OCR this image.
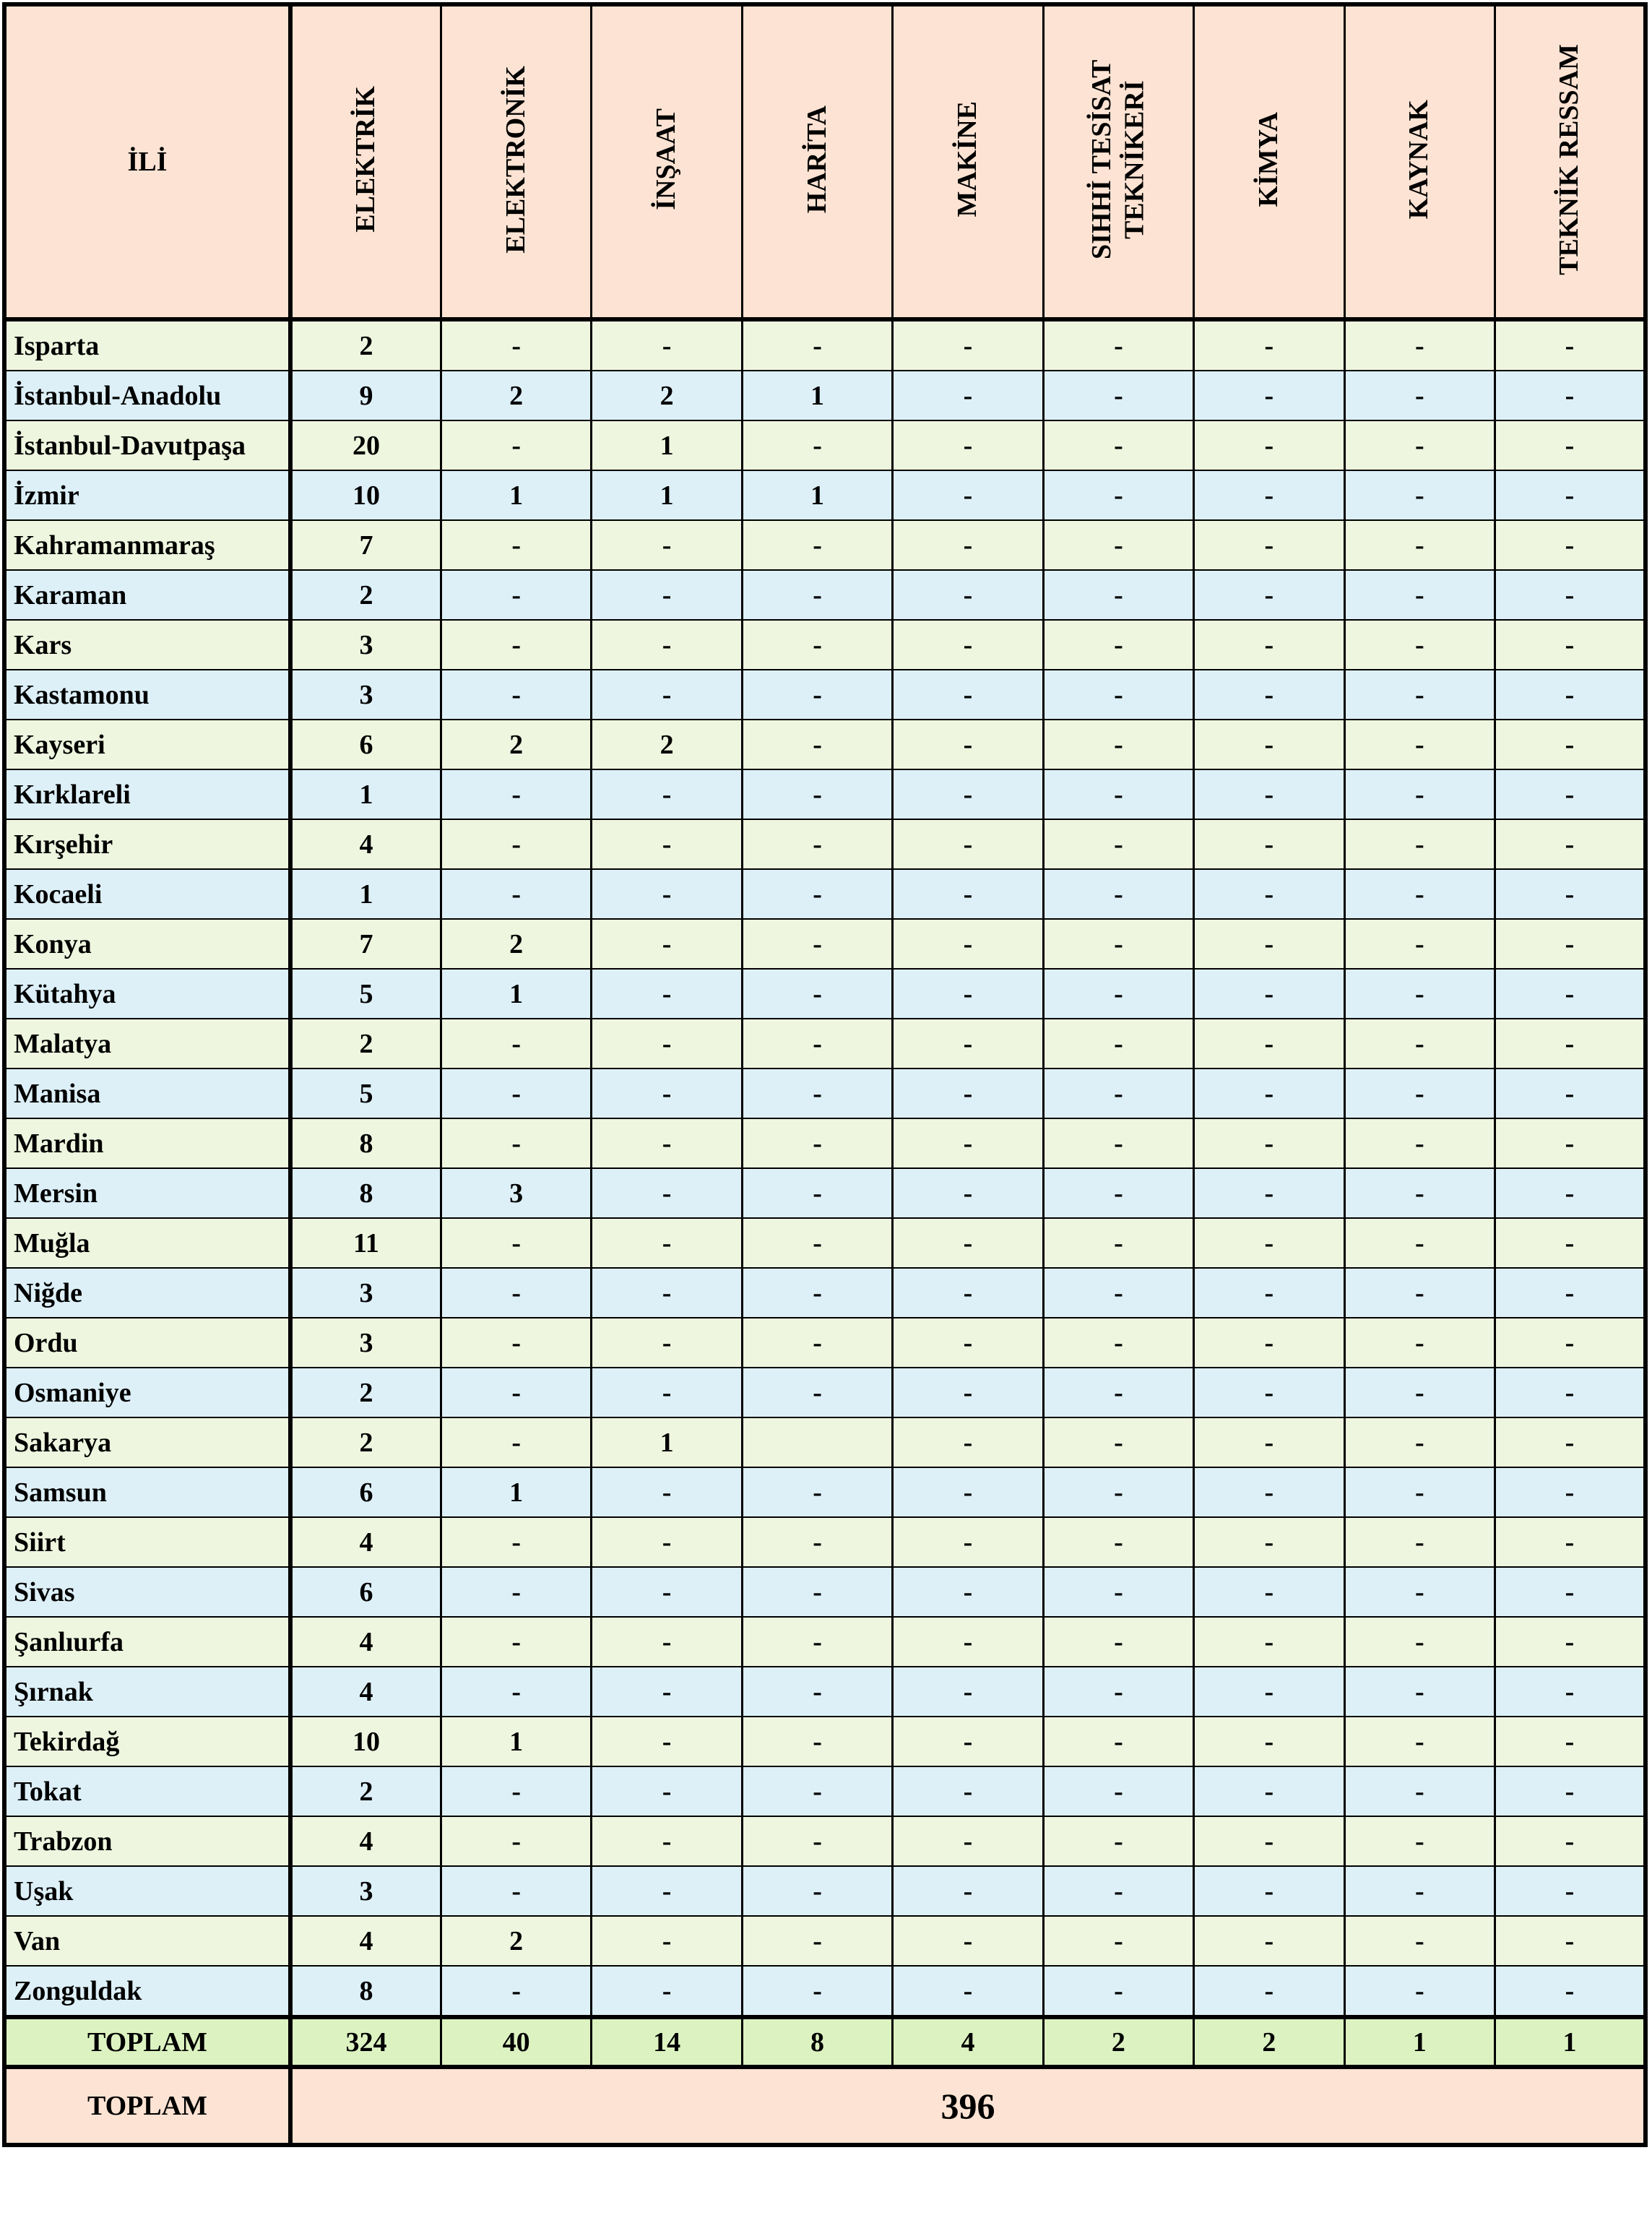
İLİ	ELEKTRİK	ELEKTRONİK	İNŞAAT	HARİTA	MAKİNE	SIHHİ TESİSAT TEKNİKERİ	KİMYA	KAYNAK	TEKNİK RESSAM
Isparta	2	-	-	-	-	-	-	-	-
İstanbul-Anadolu	9	2	2	1	-	-	-	-	-
İstanbul-Davutpaşa	20	-	1	-	-	-	-	-	-
İzmir	10	1	1	1	-	-	-	-	-
Kahramanmaraş	7	-	-	-	-	-	-	-	-
Karaman	2	-	-	-	-	-	-	-	-
Kars	3	-	-	-	-	-	-	-	-
Kastamonu	3	-	-	-	-	-	-	-	-
Kayseri	6	2	2	-	-	-	-	-	-
Kırklareli	1	-	-	-	-	-	-	-	-
Kırşehir	4	-	-	-	-	-	-	-	-
Kocaeli	1	-	-	-	-	-	-	-	-
Konya	7	2	-	-	-	-	-	-	-
Kütahya	5	1	-	-	-	-	-	-	-
Malatya	2	-	-	-	-	-	-	-	-
Manisa	5	-	-	-	-	-	-	-	-
Mardin	8	-	-	-	-	-	-	-	-
Mersin	8	3	-	-	-	-	-	-	-
Muğla	11	-	-	-	-	-	-	-	-
Niğde	3	-	-	-	-	-	-	-	-
Ordu	3	-	-	-	-	-	-	-	-
Osmaniye	2	-	-	-	-	-	-	-	-
Sakarya	2	-	1		-	-	-	-	-
Samsun	6	1	-	-	-	-	-	-	-
Siirt	4	-	-	-	-	-	-	-	-
Sivas	6	-	-	-	-	-	-	-	-
Şanlıurfa	4	-	-	-	-	-	-	-	-
Şırnak	4	-	-	-	-	-	-	-	-
Tekirdağ	10	1	-	-	-	-	-	-	-
Tokat	2	-	-	-	-	-	-	-	-
Trabzon	4	-	-	-	-	-	-	-	-
Uşak	3	-	-	-	-	-	-	-	-
Van	4	2	-	-	-	-	-	-	-
Zonguldak	8	-	-	-	-	-	-	-	-
TOPLAM	324	40	14	8	4	2	2	1	1
TOPLAM	396								
